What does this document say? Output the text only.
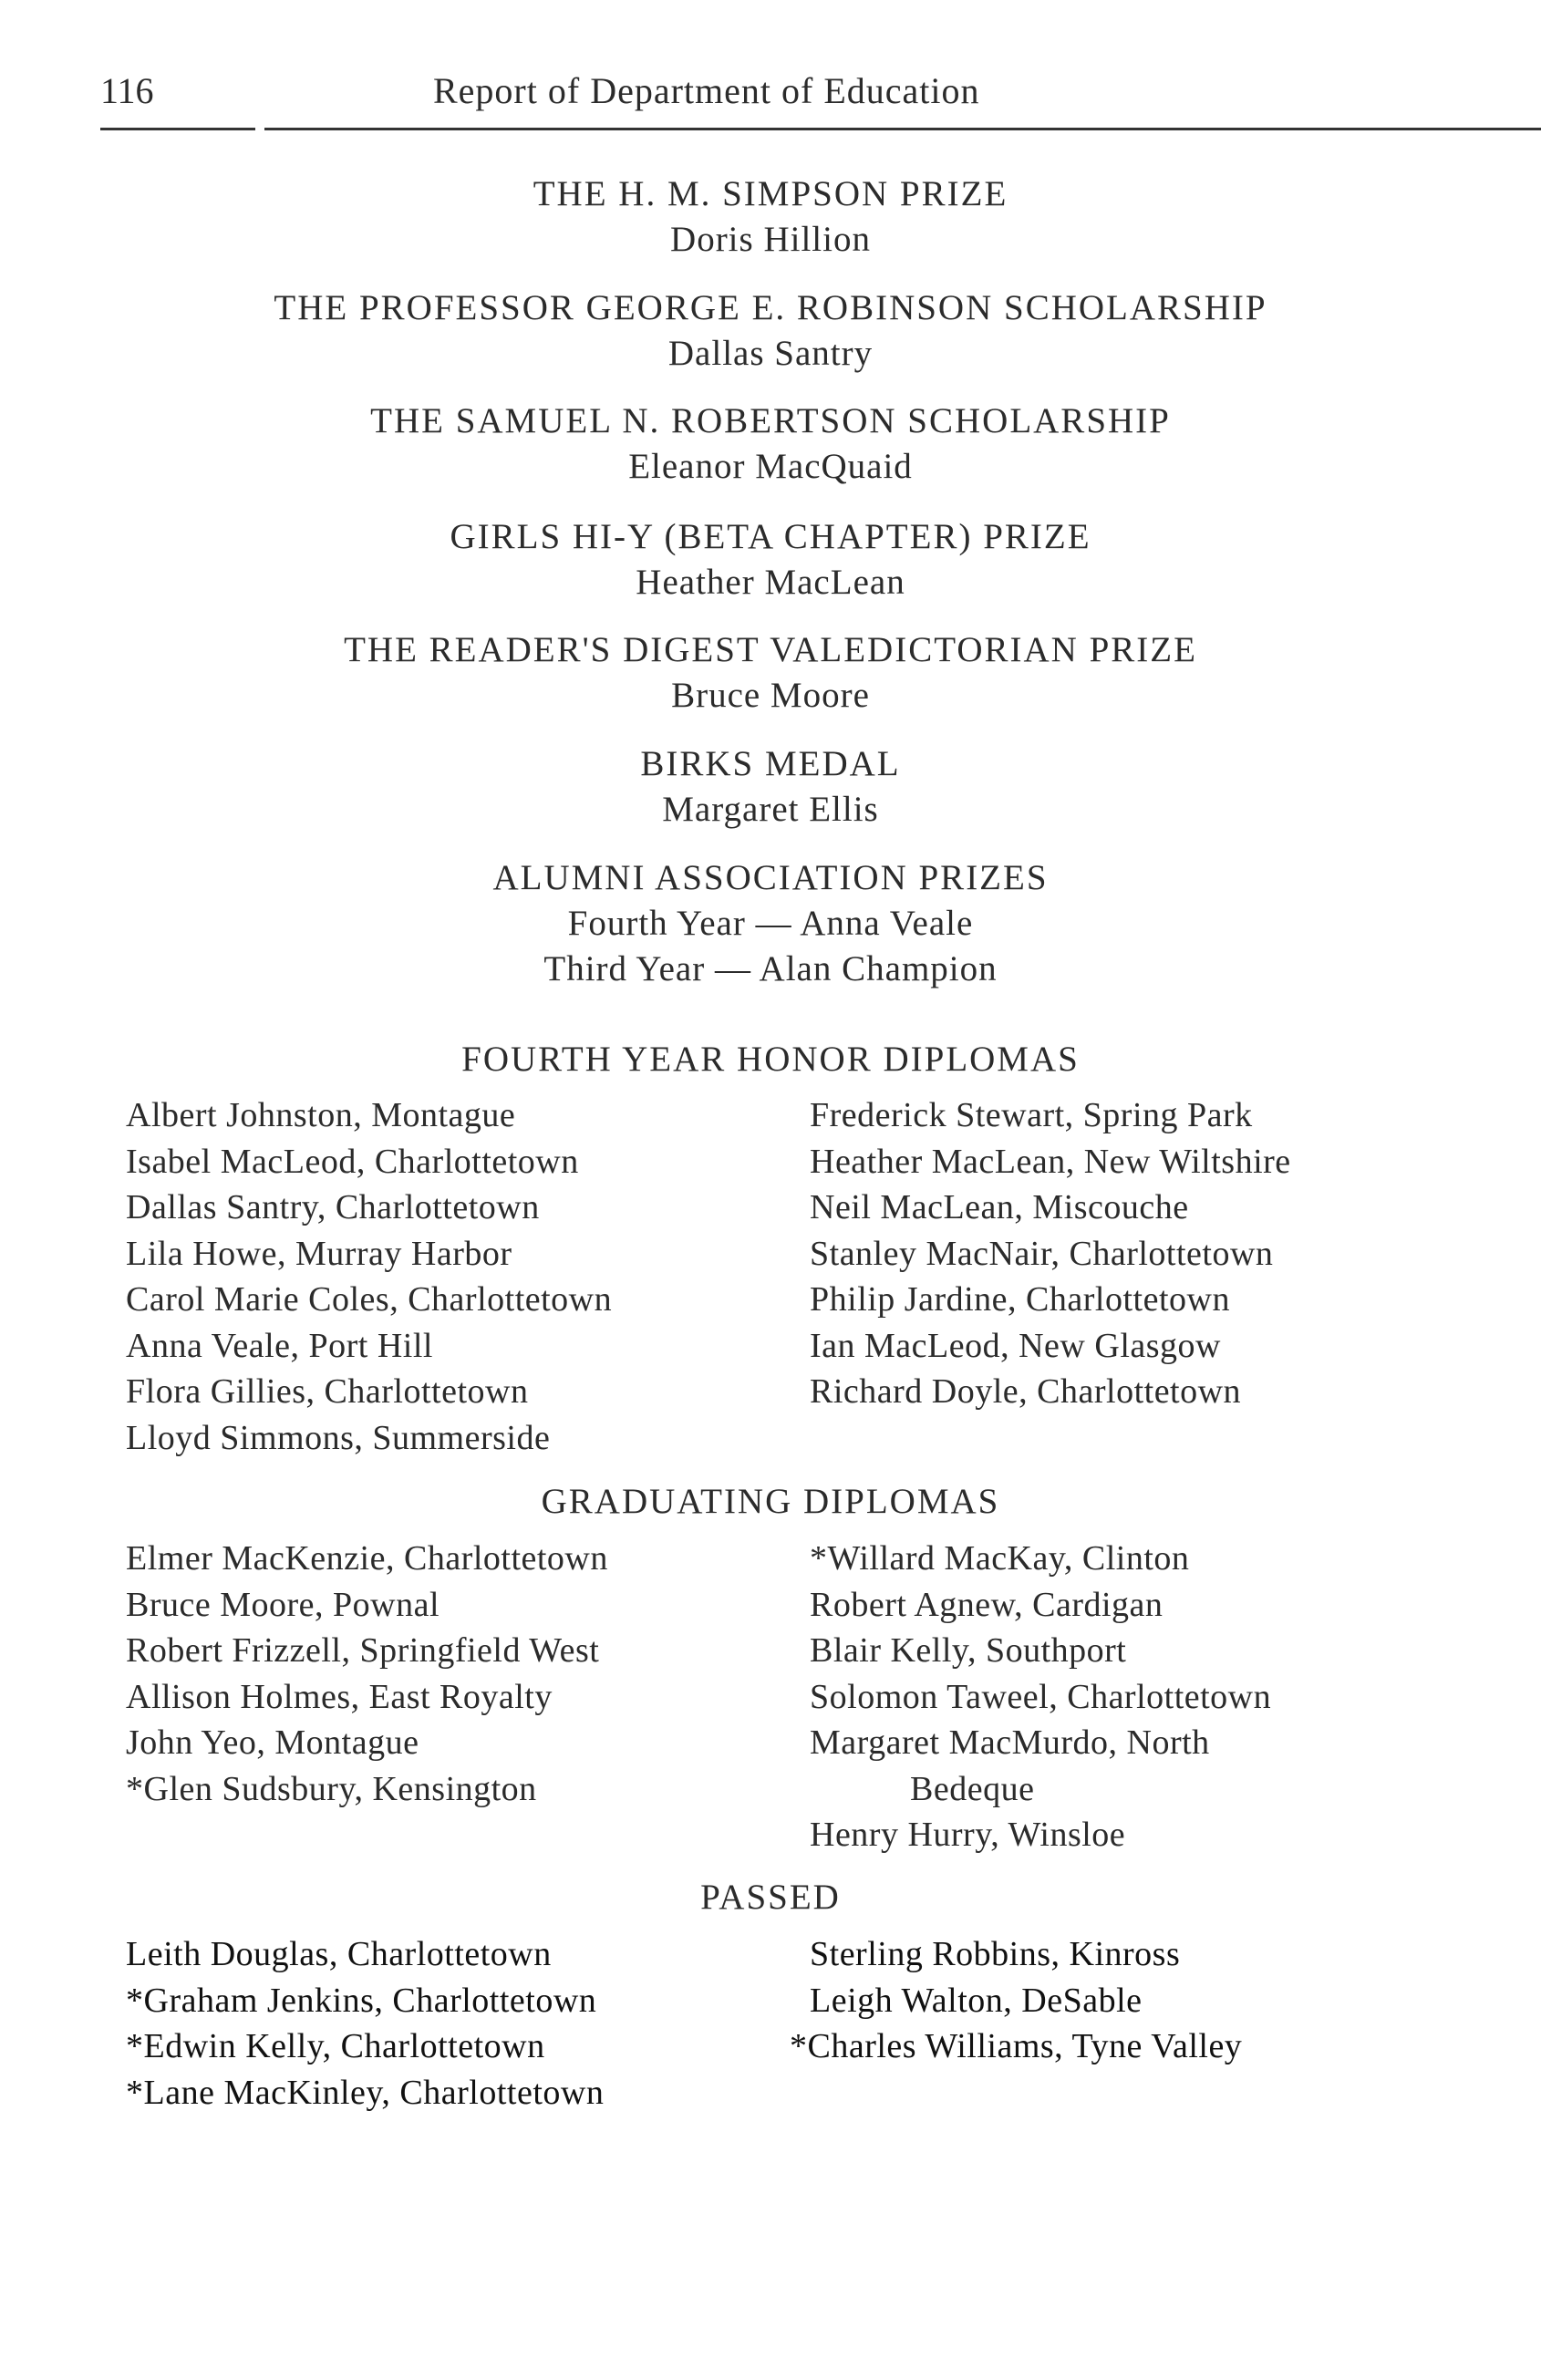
116	Report of Department of Education
THE H. M. SIMPSON PRIZE
Doris Hillion
THE PROFESSOR GEORGE E. ROBINSON SCHOLARSHIP
Dallas Santry
THE SAMUEL N. ROBERTSON SCHOLARSHIP
Eleanor MacQuaid
GIRLS HI-Y (BETA CHAPTER) PRIZE
Heather MacLean
THE READER'S DIGEST VALEDICTORIAN PRIZE
Bruce Moore
BIRKS MEDAL
Margaret Ellis
ALUMNI ASSOCIATION PRIZES
Fourth Year — Anna Veale
Third Year — Alan Champion
FOURTH YEAR HONOR DIPLOMAS
Albert Johnston, Montague
Isabel MacLeod, Charlottetown
Dallas Santry, Charlottetown
Lila Howe, Murray Harbor
Carol Marie Coles, Charlottetown
Anna Veale, Port Hill
Flora Gillies, Charlottetown
Lloyd Simmons, Summerside
Frederick Stewart, Spring Park
Heather MacLean, New Wiltshire
Neil MacLean, Miscouche
Stanley MacNair, Charlottetown
Philip Jardine, Charlottetown
Ian MacLeod, New Glasgow
Richard Doyle, Charlottetown
GRADUATING DIPLOMAS
Elmer MacKenzie, Charlottetown
Bruce Moore, Pownal
Robert Frizzell, Springfield West
Allison Holmes, East Royalty
John Yeo, Montague
*Glen Sudsbury, Kensington
*Willard MacKay, Clinton
Robert Agnew, Cardigan
Blair Kelly, Southport
Solomon Taweel, Charlottetown
Margaret MacMurdo, North
Bedeque
Henry Hurry, Winsloe
PASSED
Leith Douglas, Charlottetown
*Graham Jenkins, Charlottetown
*Edwin Kelly, Charlottetown
*Lane MacKinley, Charlottetown
Sterling Robbins, Kinross
Leigh Walton, DeSable
*Charles Williams, Tyne Valley
